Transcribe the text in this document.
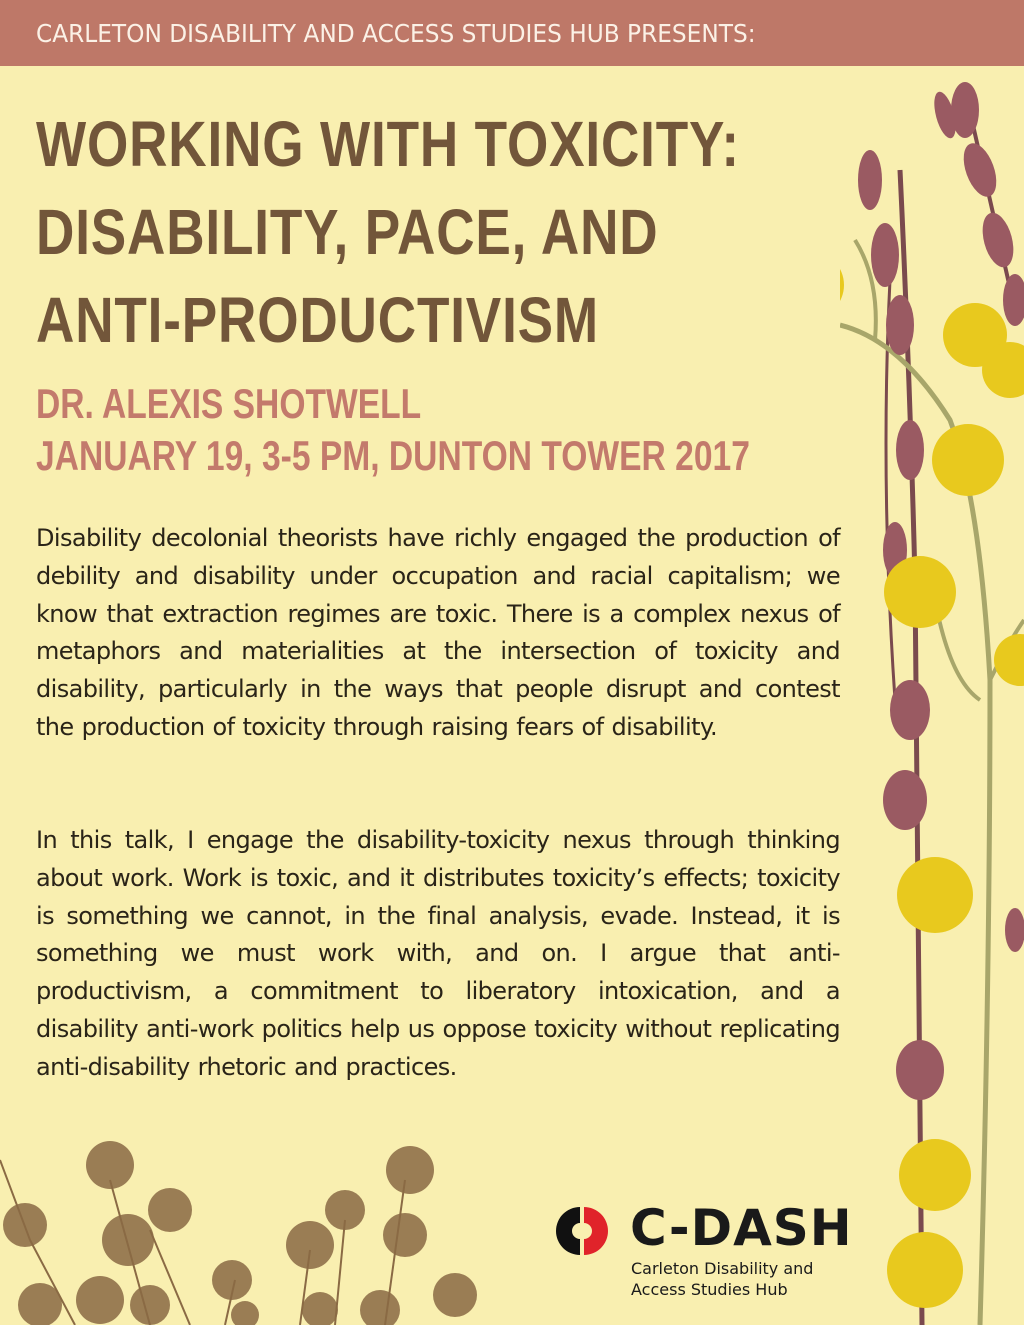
CARLETON DISABILITY AND ACCESS STUDIES HUB PRESENTS:
WORKING WITH TOXICITY:
DISABILITY, PACE, AND
ANTI-PRODUCTIVISM
DR. ALEXIS SHOTWELL
JANUARY 19, 3-5 PM, DUNTON TOWER 2017

Disability decolonial theorists have richly engaged the production of debility and disability under occupation and racial capitalism; we know that extraction regimes are toxic. There is a complex nexus of metaphors and materialities at the intersection of toxicity and disability, particularly in the ways that people disrupt and contest the production of toxicity through raising fears of disability.

In this talk, I engage the disability-toxicity nexus through thinking about work. Work is toxic, and it distributes toxicity’s effects; toxicity is something we cannot, in the final analysis, evade. Instead, it is something we must work with, and on. I argue that anti-productivism, a commitment to liberatory intoxication, and a disability anti-work politics help us oppose toxicity without replicating anti-disability rhetoric and practices.

C-DASH
Carleton Disability and
Access Studies Hub
